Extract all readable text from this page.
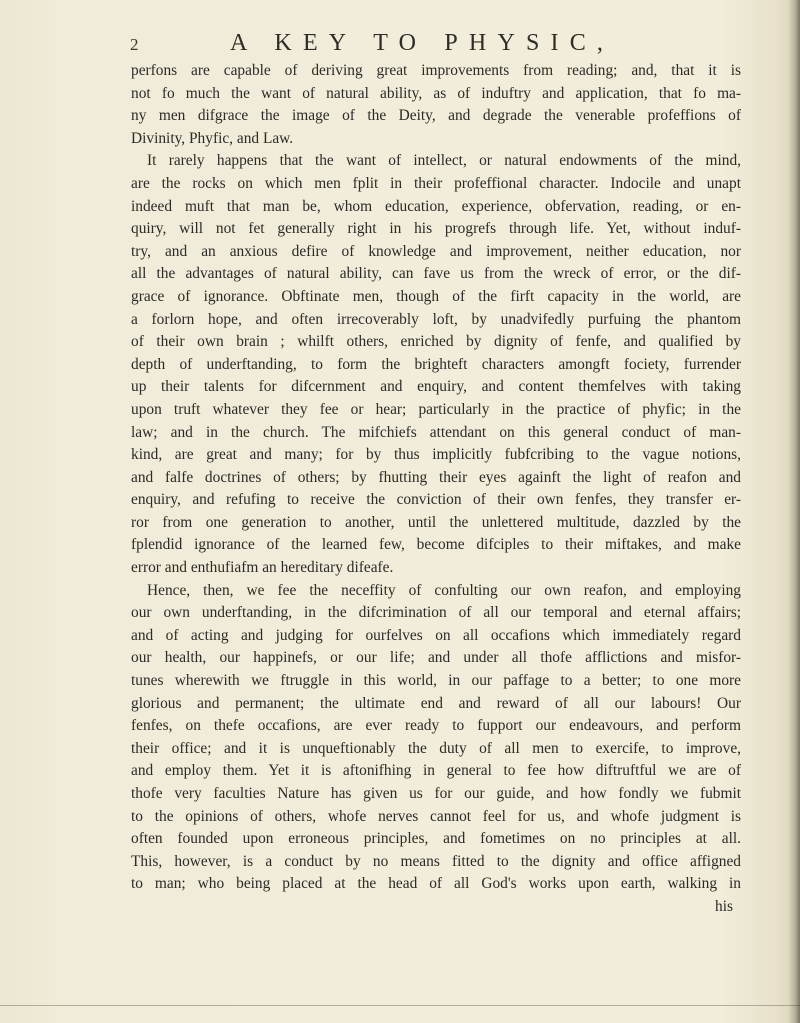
2	A KEY TO PHYSIC,
perfons are capable of deriving great improvements from reading; and, that it is
not fo much the want of natural ability, as of induftry and application, that fo ma-
ny men difgrace the image of the Deity, and degrade the venerable profeffions of
Divinity, Phyfic, and Law.
It rarely happens that the want of intellect, or natural endowments of the mind,
are the rocks on which men fplit in their profeffional character. Indocile and unapt
indeed muft that man be, whom education, experience, obfervation, reading, or en-
quiry, will not fet generally right in his progrefs through life. Yet, without induf-
try, and an anxious defire of knowledge and improvement, neither education, nor
all the advantages of natural ability, can fave us from the wreck of error, or the dif-
grace of ignorance. Obftinate men, though of the firft capacity in the world, are
a forlorn hope, and often irrecoverably loft, by unadvifedly purfuing the phantom
of their own brain ; whilft others, enriched by dignity of fenfe, and qualified by
depth of underftanding, to form the brighteft characters amongft fociety, furrender
up their talents for difcernment and enquiry, and content themfelves with taking
upon truft whatever they fee or hear; particularly in the practice of phyfic; in the
law; and in the church. The mifchiefs attendant on this general conduct of man-
kind, are great and many; for by thus implicitly fubfcribing to the vague notions,
and falfe doctrines of others; by fhutting their eyes againft the light of reafon and
enquiry, and refufing to receive the conviction of their own fenfes, they transfer er-
ror from one generation to another, until the unlettered multitude, dazzled by the
fplendid ignorance of the learned few, become difciples to their miftakes, and make
error and enthufiafm an hereditary difeafe.
Hence, then, we fee the neceffity of confulting our own reafon, and employing
our own underftanding, in the difcrimination of all our temporal and eternal affairs;
and of acting and judging for ourfelves on all occafions which immediately regard
our health, our happinefs, or our life; and under all thofe afflictions and misfor-
tunes wherewith we ftruggle in this world, in our paffage to a better; to one more
glorious and permanent; the ultimate end and reward of all our labours! Our
fenfes, on thefe occafions, are ever ready to fupport our endeavours, and perform
their office; and it is unqueftionably the duty of all men to exercife, to improve,
and employ them. Yet it is aftonifhing in general to fee how diftruftful we are of
thofe very faculties Nature has given us for our guide, and how fondly we fubmit
to the opinions of others, whofe nerves cannot feel for us, and whofe judgment is
often founded upon erroneous principles, and fometimes on no principles at all.
This, however, is a conduct by no means fitted to the dignity and office affigned
to man; who being placed at the head of all God's works upon earth, walking in
his
